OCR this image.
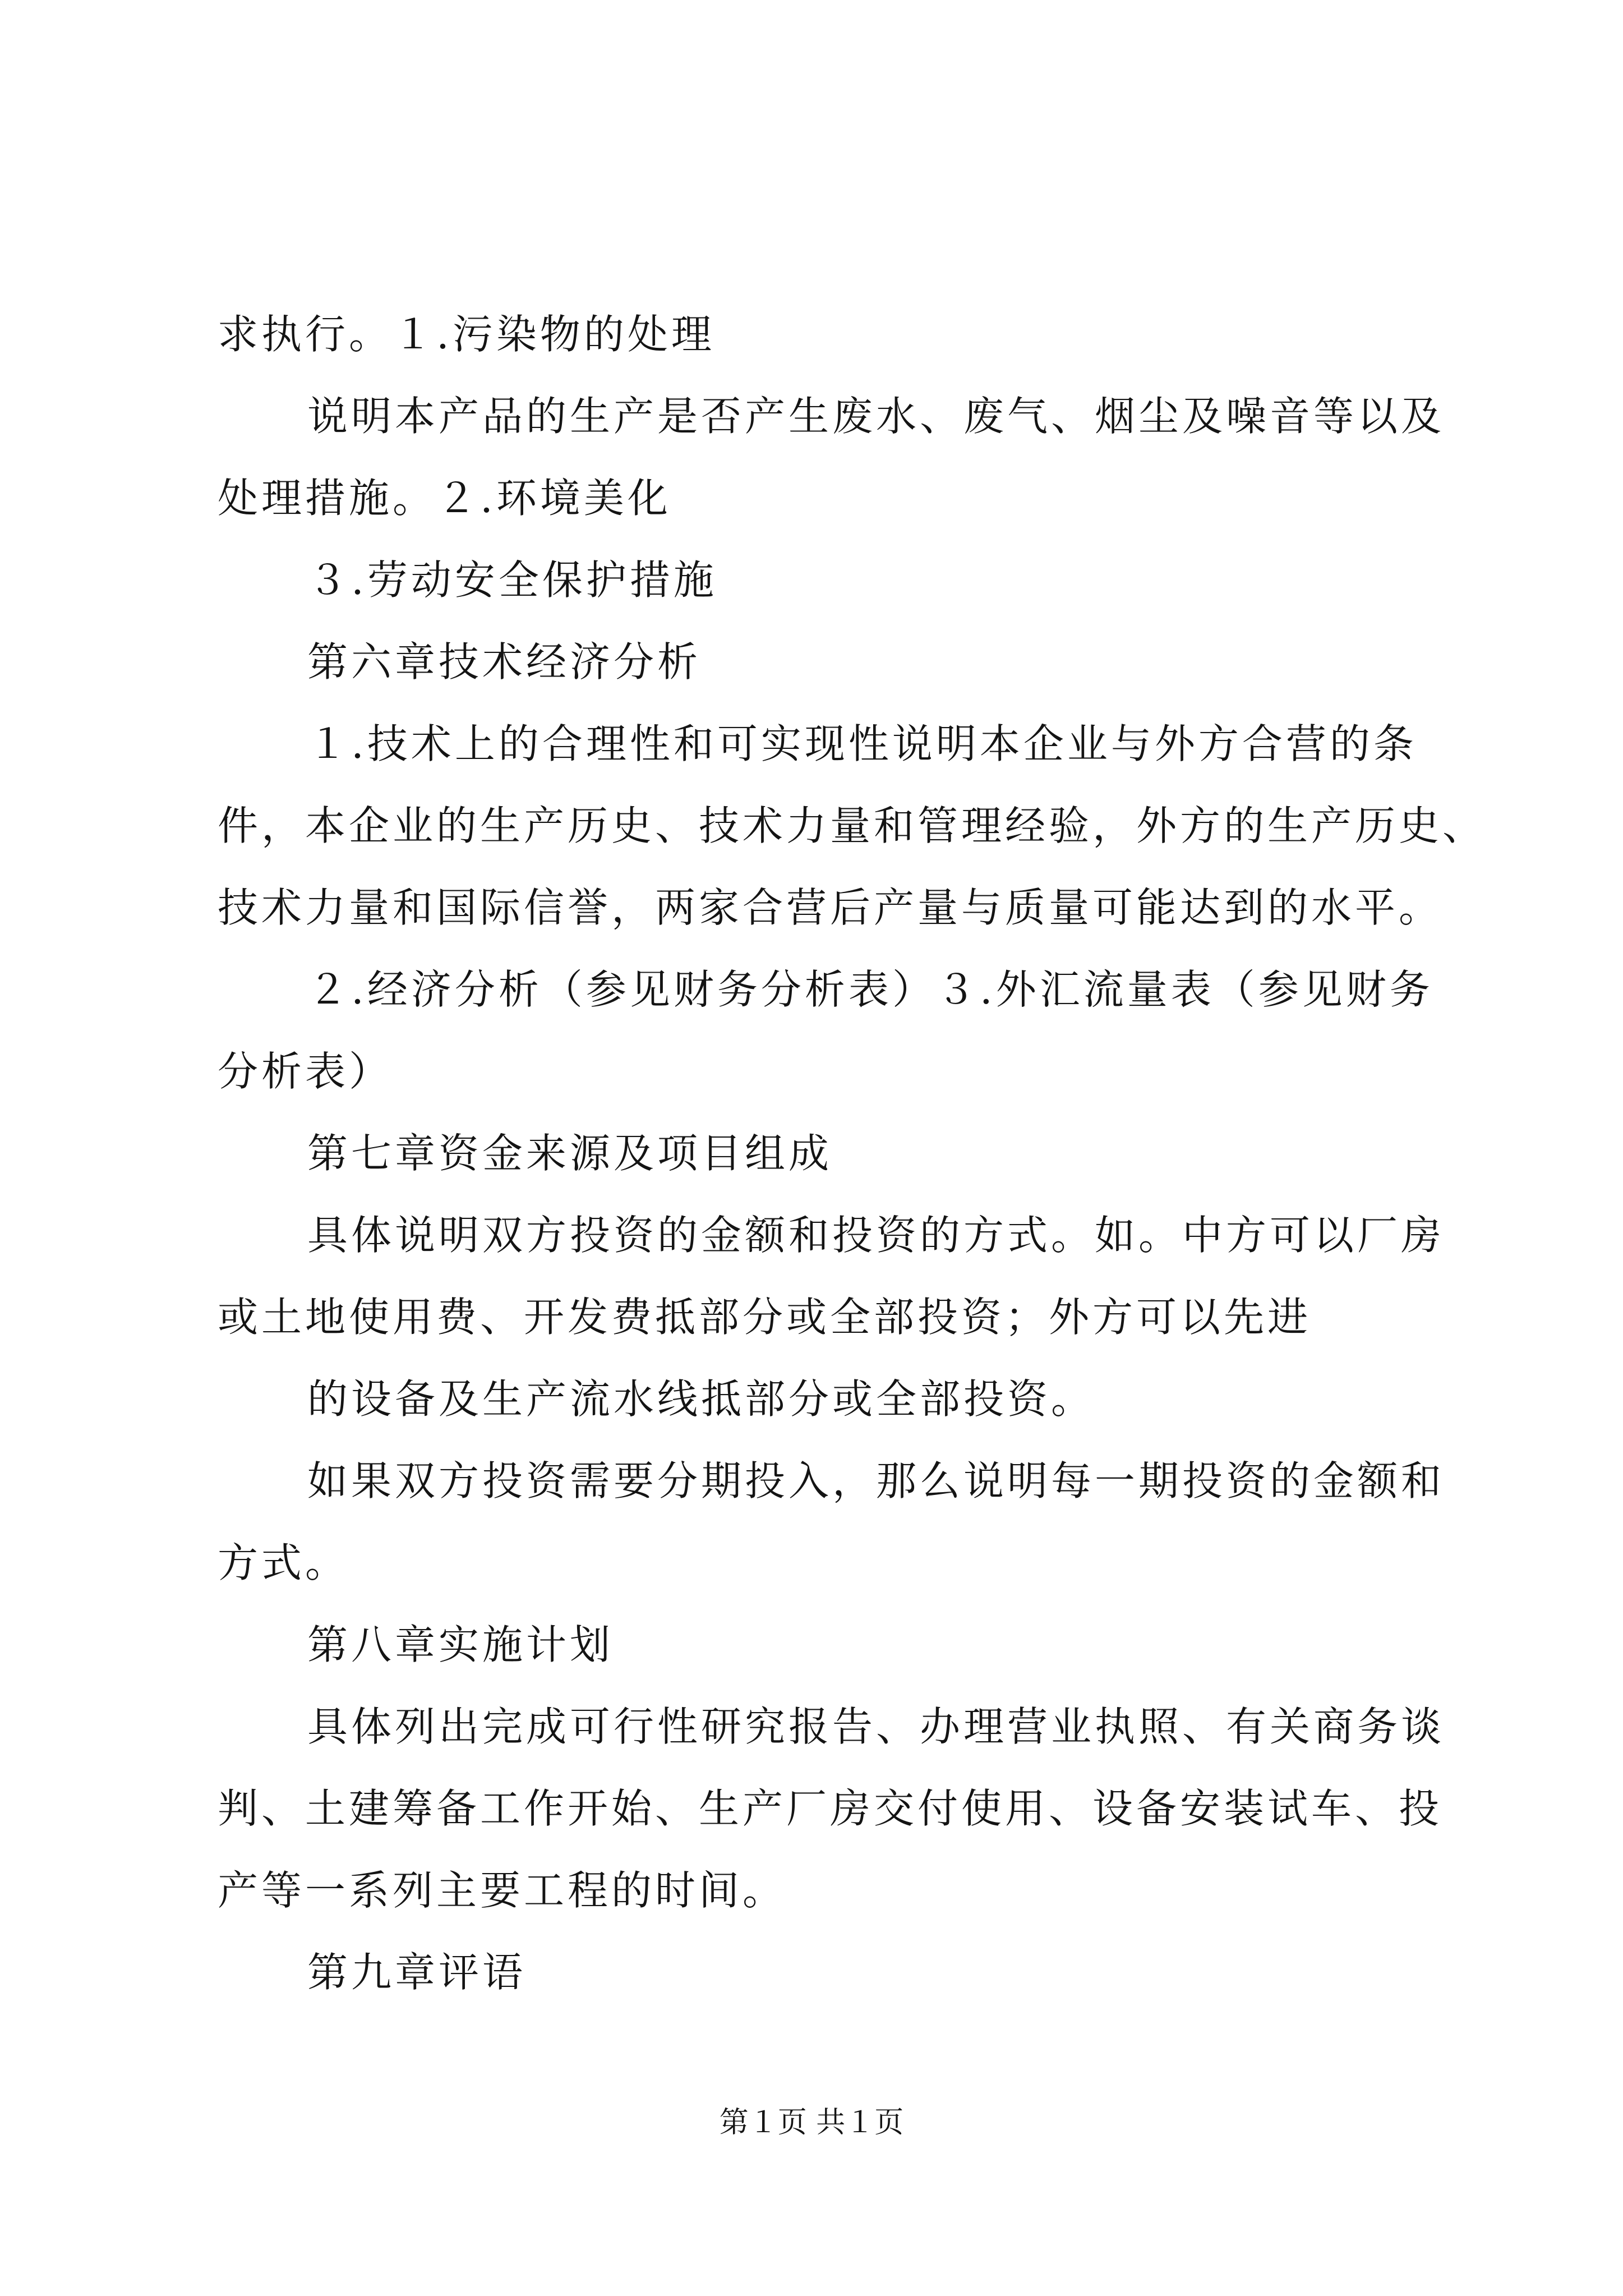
求执行。１.污染物的处理
说明本产品的生产是否产生废水、废气、烟尘及噪音等以及
处理措施。２.环境美化
３.劳动安全保护措施
第六章技术经济分析
１.技术上的合理性和可实现性说明本企业与外方合营的条
件，本企业的生产历史、技术力量和管理经验，外方的生产历史、
技术力量和国际信誉，两家合营后产量与质量可能达到的水平。
２.经济分析（参见财务分析表）３.外汇流量表（参见财务
分析表）
第七章资金来源及项目组成
具体说明双方投资的金额和投资的方式。如。中方可以厂房
或土地使用费、开发费抵部分或全部投资；外方可以先进
的设备及生产流水线抵部分或全部投资。
如果双方投资需要分期投入，那么说明每一期投资的金额和
方式。
第八章实施计划
具体列出完成可行性研究报告、办理营业执照、有关商务谈
判、土建筹备工作开始、生产厂房交付使用、设备安装试车、投
产等一系列主要工程的时间。
第九章评语
第１页 共１页
